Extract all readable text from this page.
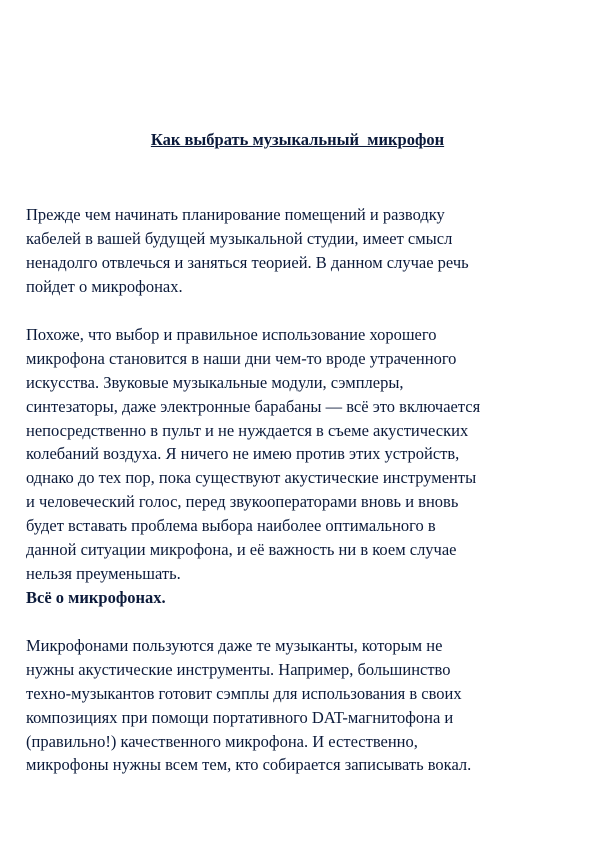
Как выбрать музыкальный  микрофон
Прежде чем начинать планирование помещений и разводку
кабелей в вашей будущей музыкальной студии, имеет смысл
ненадолго отвлечься и заняться теорией. В данном случае речь
пойдет о микрофонах.
Похоже, что выбор и правильное использование хорошего
микрофона становится в наши дни чем-то вроде утраченного
искусства. Звуковые музыкальные модули, сэмплеры,
синтезаторы, даже электронные барабаны — всё это включается
непосредственно в пульт и не нуждается в съеме акустических
колебаний воздуха. Я ничего не имею против этих устройств,
однако до тех пор, пока существуют акустические инструменты
и человеческий голос, перед звукооператорами вновь и вновь
будет вставать проблема выбора наиболее оптимального в
данной ситуации микрофона, и её важность ни в коем случае
нельзя преуменьшать.
Всё о микрофонах.
Микрофонами пользуются даже те музыканты, которым не
нужны акустические инструменты. Например, большинство
техно-музыкантов готовит сэмплы для использования в своих
композициях при помощи портативного DAT-магнитофона и
(правильно!) качественного микрофона. И естественно,
микрофоны нужны всем тем, кто собирается записывать вокал.
